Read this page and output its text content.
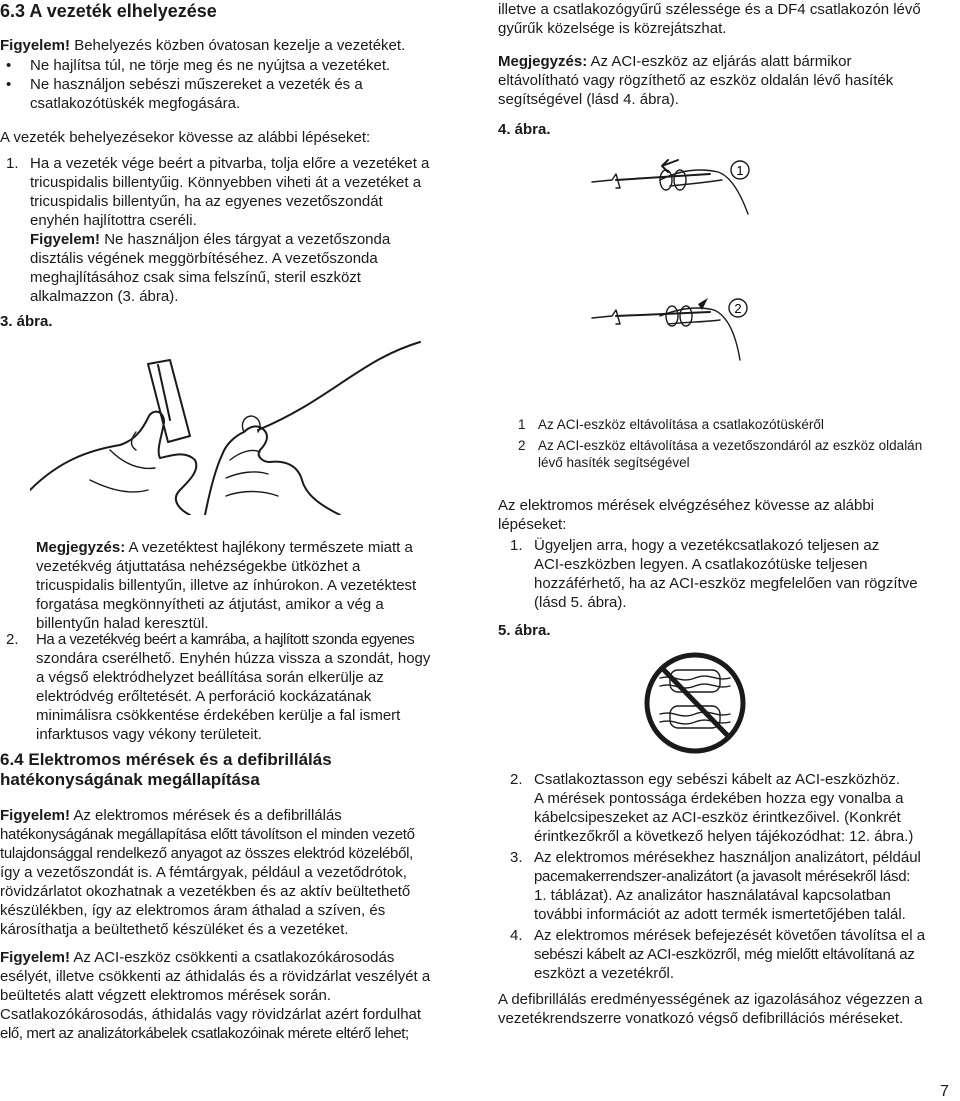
6.3 A vezeték elhelyezése
Figyelem! Behelyezés közben óvatosan kezelje a vezetéket.
• Ne hajlítsa túl, ne törje meg és ne nyújtsa a vezetéket.
• Ne használjon sebészi műszereket a vezeték és a
csatlakozótüskék megfogására.
A vezeték behelyezésekor kövesse az alábbi lépéseket:
1. Ha a vezeték vége beért a pitvarba, tolja előre a vezetéket a
tricuspidalis billentyűig. Könnyebben viheti át a vezetéket a
tricuspidalis billentyűn, ha az egyenes vezetőszondát
enyhén hajlítottra cseréli.
Figyelem! Ne használjon éles tárgyat a vezetőszonda
disztális végének meggörbítéséhez. A vezetőszonda
meghajlításához csak sima felszínű, steril eszközt
alkalmazzon (3. ábra).
3. ábra.
Megjegyzés: A vezetéktest hajlékony természete miatt a
vezetékvég átjuttatása nehézségekbe ütközhet a
tricuspidalis billentyűn, illetve az ínhúrokon. A vezetéktest
forgatása megkönnyítheti az átjutást, amikor a vég a
billentyűn halad keresztül.
2. Ha a vezetékvég beért a kamrába, a hajlított szonda egyenes
szondára cserélhető. Enyhén húzza vissza a szondát, hogy
a végső elektródhelyzet beállítása során elkerülje az
elektródvég erőltetését. A perforáció kockázatának
minimálisra csökkentése érdekében kerülje a fal ismert
infarktusos vagy vékony területeit.
6.4 Elektromos mérések és a defibrillálás
hatékonyságának megállapítása
Figyelem! Az elektromos mérések és a defibrillálás
hatékonyságának megállapítása előtt távolítson el minden vezető
tulajdonsággal rendelkező anyagot az összes elektród közeléből,
így a vezetőszondát is. A fémtárgyak, például a vezetődrótok,
rövidzárlatot okozhatnak a vezetékben és az aktív beültethető
készülékben, így az elektromos áram áthalad a szíven, és
károsíthatja a beültethető készüléket és a vezetéket.
Figyelem! Az ACI-eszköz csökkenti a csatlakozókárosodás
esélyét, illetve csökkenti az áthidalás és a rövidzárlat veszélyét a
beültetés alatt végzett elektromos mérések során.
Csatlakozókárosodás, áthidalás vagy rövidzárlat azért fordulhat
elő, mert az analizátorkábelek csatlakozóinak mérete eltérő lehet;
illetve a csatlakozógyűrű szélessége és a DF4 csatlakozón lévő
gyűrűk közelsége is közrejátszhat.
Megjegyzés: Az ACI-eszköz az eljárás alatt bármikor
eltávolítható vagy rögzíthető az eszköz oldalán lévő hasíték
segítségével (lásd 4. ábra).
4. ábra.
1
2
1 Az ACI-eszköz eltávolítása a csatlakozótüskéről
2 Az ACI-eszköz eltávolítása a vezetőszondáról az eszköz oldalán
lévő hasíték segítségével
Az elektromos mérések elvégzéséhez kövesse az alábbi
lépéseket:
1. Ügyeljen arra, hogy a vezetékcsatlakozó teljesen az
ACI-eszközben legyen. A csatlakozótüske teljesen
hozzáférhető, ha az ACI-eszköz megfelelően van rögzítve
(lásd 5. ábra).
5. ábra.
2. Csatlakoztasson egy sebészi kábelt az ACI-eszközhöz.
A mérések pontossága érdekében hozza egy vonalba a
kábelcsipeszeket az ACI-eszköz érintkezőivel. (Konkrét
érintkezőkről a következő helyen tájékozódhat: 12. ábra.)
3. Az elektromos mérésekhez használjon analizátort, például
pacemakerrendszer-analizátort (a javasolt mérésekről lásd:
1. táblázat). Az analizátor használatával kapcsolatban
további információt az adott termék ismertetőjében talál.
4. Az elektromos mérések befejezését követően távolítsa el a
sebészi kábelt az ACI-eszközről, még mielőtt eltávolítaná az
eszközt a vezetékről.
A defibrillálás eredményességének az igazolásához végezzen a
vezetékrendszerre vonatkozó végső defibrillációs méréseket.
7
